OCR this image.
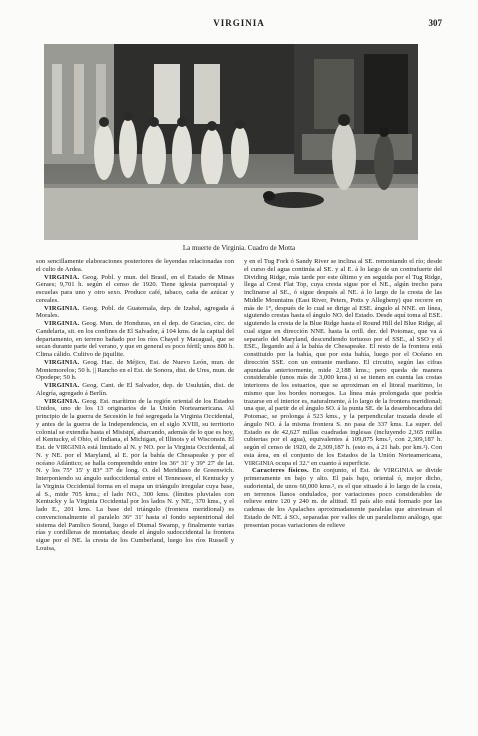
VIRGINIA	307
La muerte de Virginia. Cuadro de Motta

son sencillamente elaboraciones posteriores de leyendas relacionadas con el culto de Ardea.

VIRGINIA. Geog. Pobl. y mun. del Brasil, en el Estado de Minas Geraes; 9,701 h. según el censo de 1920. Tiene iglesia parroquial y escuelas para uno y otro sexo. Produce café, tabaco, caña de azúcar y cereales.

VIRGINIA. Geog. Pobl. de Guatemala, dep. de Izabal, agregada á Morales.

VIRGINIA. Geog. Mun. de Honduras, en el dep. de Gracias, circ. de Candelaria, sit. en los confines de El Salvador, á 104 kms. de la capital del departamento, en terreno bañado por los ríos Chayel y Macagual, que se secan durante parte del verano, y que en general es poco fértil; unos 800 h. Clima cálido. Cultivo de jiquilite.

VIRGINIA. Geog. Hac. de Méjico, Est. de Nuevo León, mun. de Montemorelos; 50 h. || Rancho en el Est. de Sonora, dist. de Ures, mun. de Opodepe; 50 h.

VIRGINIA. Geog. Cant. de El Salvador, dep. de Usulután, dist. de Alegría, agregado á Berlín.

VIRGINIA. Geog. Est. marítimo de la región oriental de los Estados Unidos, uno de los 13 originarios de la Unión Norteamericana. Al principio de la guerra de Secesión le fué segregada la Virginia Occidental, y antes de la guerra de la Independencia, en el siglo XVIII, su territorio colonial se extendía hasta el Misisipí, abarcando, además de lo que es hoy, el Kentucky, el Ohio, el Indiana, el Michigan, el Illinois y el Wisconsin. El Est. de VIRGINIA está limitado al N. y NO. por la Virginia Occidental, al N. y NE. por el Maryland, al E. por la bahía de Chesapeake y por el océano Atlántico; se halla comprendido entre los 36° 31' y 39° 27' de lat. N. y los 75° 15' y 83° 37' de long. O. del Meridiano de Greenwich. Interponiendo su ángulo sudoccidental entre el Tennessee, el Kentucky y la Virginia Occidental forma en el mapa un triángulo irregular cuya base, al S., mide 705 kms.; el lado NO., 300 kms. (límites pluviales con Kentucky y la Virginia Occidental por los lados N. y NE., 370 kms., y el lado E., 201 kms. La base del triángulo (frontera meridional) es convencionalmente el paralelo 36° 31' hasta el fondo septentrional del sistema del Pamlico Sound, luego el Dismal Swamp, y finalmente varias rías y cordilleras de montañas; desde el ángulo sudoccidental la frontera sigue por el NE. la cresta de los Cumberland, luego los ríos Russell y Louisa,

y en el Tug Fork ó Sandy River se inclina al SE. remontando el río; desde el curso del agua continúa al SE. y al E. á lo largo de un contrafuerte del Dividing Ridge, más tarde por este último y en seguida por el Tug Ridge, llega al Crest Flat Top, cuya cresta sigue por el NE., algún trecho para inclinarse al SE., ó sigue después al NE. á lo largo de la cresta de las Middle Mountains (East River, Peters, Potts y Allegheny) que recorre en más de 1°, después de lo cual se dirige al ESE. ángulo al NNE. en línea, siguiendo crestas hasta el ángulo NO. del Estado. Desde aquí toma al ESE. siguiendo la cresta de la Blue Ridge hasta el Round Hill del Blue Ridge, al cual sigue en dirección NNE. hasta la orill. der. del Potomac, que va á separarlo del Maryland, descendiendo tortuoso por el SSE., al SSO y el ESE., llegando así á la bahía de Chesapeake. El resto de la frontera está constituido por la bahía, que por esta bahía, luego por el Océano en dirección SSE. con un entrante mediano. El circuito, según las cifras apuntadas anteriormente, mide 2,188 kms.; pero queda de manera considerable (unos más de 3,000 kms.) si se tienen en cuenta las costas interiores de los estuarios, que se aproximan en el litoral marítimo, lo mismo que los bordes noruegos. La línea más prolongada que podría trazarse en el interior es, naturalmente, á lo largo de la frontera meridional; una que, al partir de el ángulo SO. á la punta SE. de la desembocadura del Potomac, se prolonga á 523 kms., y la perpendicular trazada desde el ángulo NO. á la misma frontera S. no pasa de 337 kms. La super. del Estado es de 42,627 millas cuadradas inglesas (incluyendo 2,365 millas cubiertas por el agua), equivalentes á 109,875 kms.², con 2,309,187 h. según el censo de 1920, de 2,309,187 h. (esto es, á 21 hab. por km.²). Con esta área, en el conjunto de los Estados de la Unión Norteamericana, VIRGINIA ocupa el 32.º en cuanto á superficie.

Caracteres físicos. En conjunto, el Est. de VIRGINIA se divide primeramente en bajo y alto. El país bajo, oriental ó, mejor dicho, sudoriental, de unos 60,000 kms.², es el que situado á lo largo de la costa, en terrenos llanos ondulados, por variaciones poco considerables de relieve entre 120 y 240 m. de altitud. El país alto está formado por las cadenas de los Apalaches aproximadamente paralelas que atraviesan el Estado de NE. á SO., separadas por valles de un paralelismo análogo, que presentan pocas variaciones de relieve
